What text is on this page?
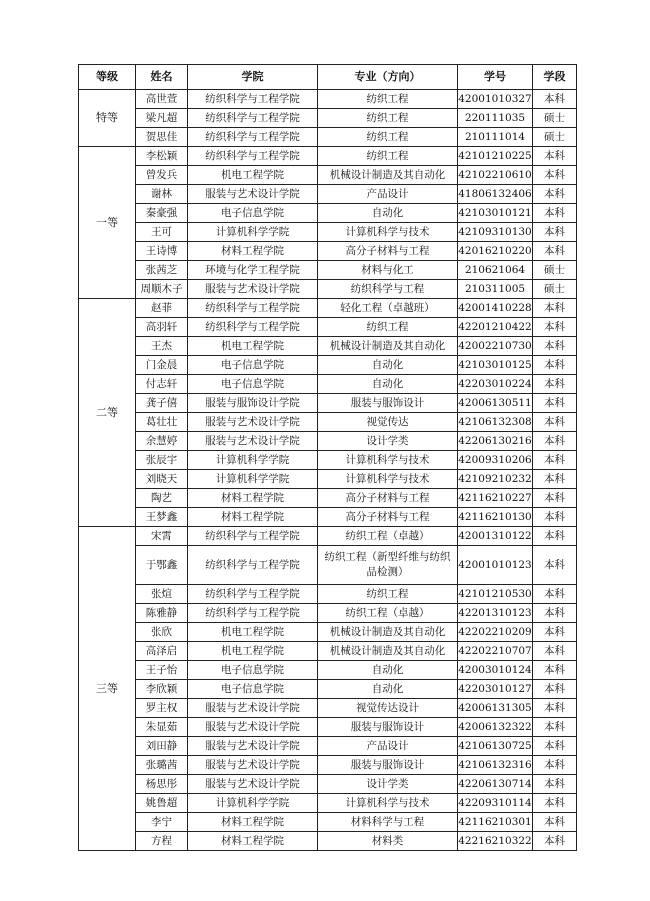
等级	姓名	学院	专业（方向）	学号	学段
特等	高世萱	纺织科学与工程学院	纺织工程	42001010327	本科
	梁凡超	纺织科学与工程学院	纺织工程	220111035	硕士
	贺思佳	纺织科学与工程学院	纺织工程	210111014	硕士
一等	李松颖	纺织科学与工程学院	纺织工程	42101210225	本科
	曾发兵	机电工程学院	机械设计制造及其自动化	42102210610	本科
	谢林	服装与艺术设计学院	产品设计	41806132406	本科
	秦豪强	电子信息学院	自动化	42103010121	本科
	王可	计算机科学学院	计算机科学与技术	42109310130	本科
	王诗博	材料工程学院	高分子材料与工程	42016210220	本科
	张茜芝	环境与化学工程学院	材料与化工	210621064	硕士
	周顺木子	服装与艺术设计学院	纺织科学与工程	210311005	硕士
二等	赵菲	纺织科学与工程学院	轻化工程（卓越班）	42001410228	本科
	高羽轩	纺织科学与工程学院	纺织工程	42201210422	本科
	王杰	机电工程学院	机械设计制造及其自动化	42002210730	本科
	门金晨	电子信息学院	自动化	42103010125	本科
	付志轩	电子信息学院	自动化	42203010224	本科
	龚子僖	服装与服饰设计学院	服装与服饰设计	42006130511	本科
	葛壮壮	服装与艺术设计学院	视觉传达	42106132308	本科
	余慧婷	服装与艺术设计学院	设计学类	42206130216	本科
	张辰宇	计算机科学学院	计算机科学与技术	42009310206	本科
	刘晓天	计算机科学学院	计算机科学与技术	42109210232	本科
	陶艺	材料工程学院	高分子材料与工程	42116210227	本科
	王梦鑫	材料工程学院	高分子材料与工程	42116210130	本科
三等	宋霄	纺织科学与工程学院	纺织工程（卓越）	42001310122	本科
	于鄂鑫	纺织科学与工程学院	纺织工程（新型纤维与纺织品检测）	42001010123	本科
	张煊	纺织科学与工程学院	纺织工程	42101210530	本科
	陈雅静	纺织科学与工程学院	纺织工程（卓越）	42201310123	本科
	张欣	机电工程学院	机械设计制造及其自动化	42202210209	本科
	高泽启	机电工程学院	机械设计制造及其自动化	42202210707	本科
	王子怡	电子信息学院	自动化	42003010124	本科
	李欣颖	电子信息学院	自动化	42203010127	本科
	罗主权	服装与艺术设计学院	视觉传达设计	42006131305	本科
	朱显茹	服装与艺术设计学院	服装与服饰设计	42006132322	本科
	刘田静	服装与艺术设计学院	产品设计	42106130725	本科
	张璐茜	服装与艺术设计学院	服装与服饰设计	42106132316	本科
	杨思彤	服装与艺术设计学院	设计学类	42206130714	本科
	姚鲁超	计算机科学学院	计算机科学与技术	42209310114	本科
	李宁	材料工程学院	材料科学与工程	42116210301	本科
	方程	材料工程学院	材料类	42216210322	本科
